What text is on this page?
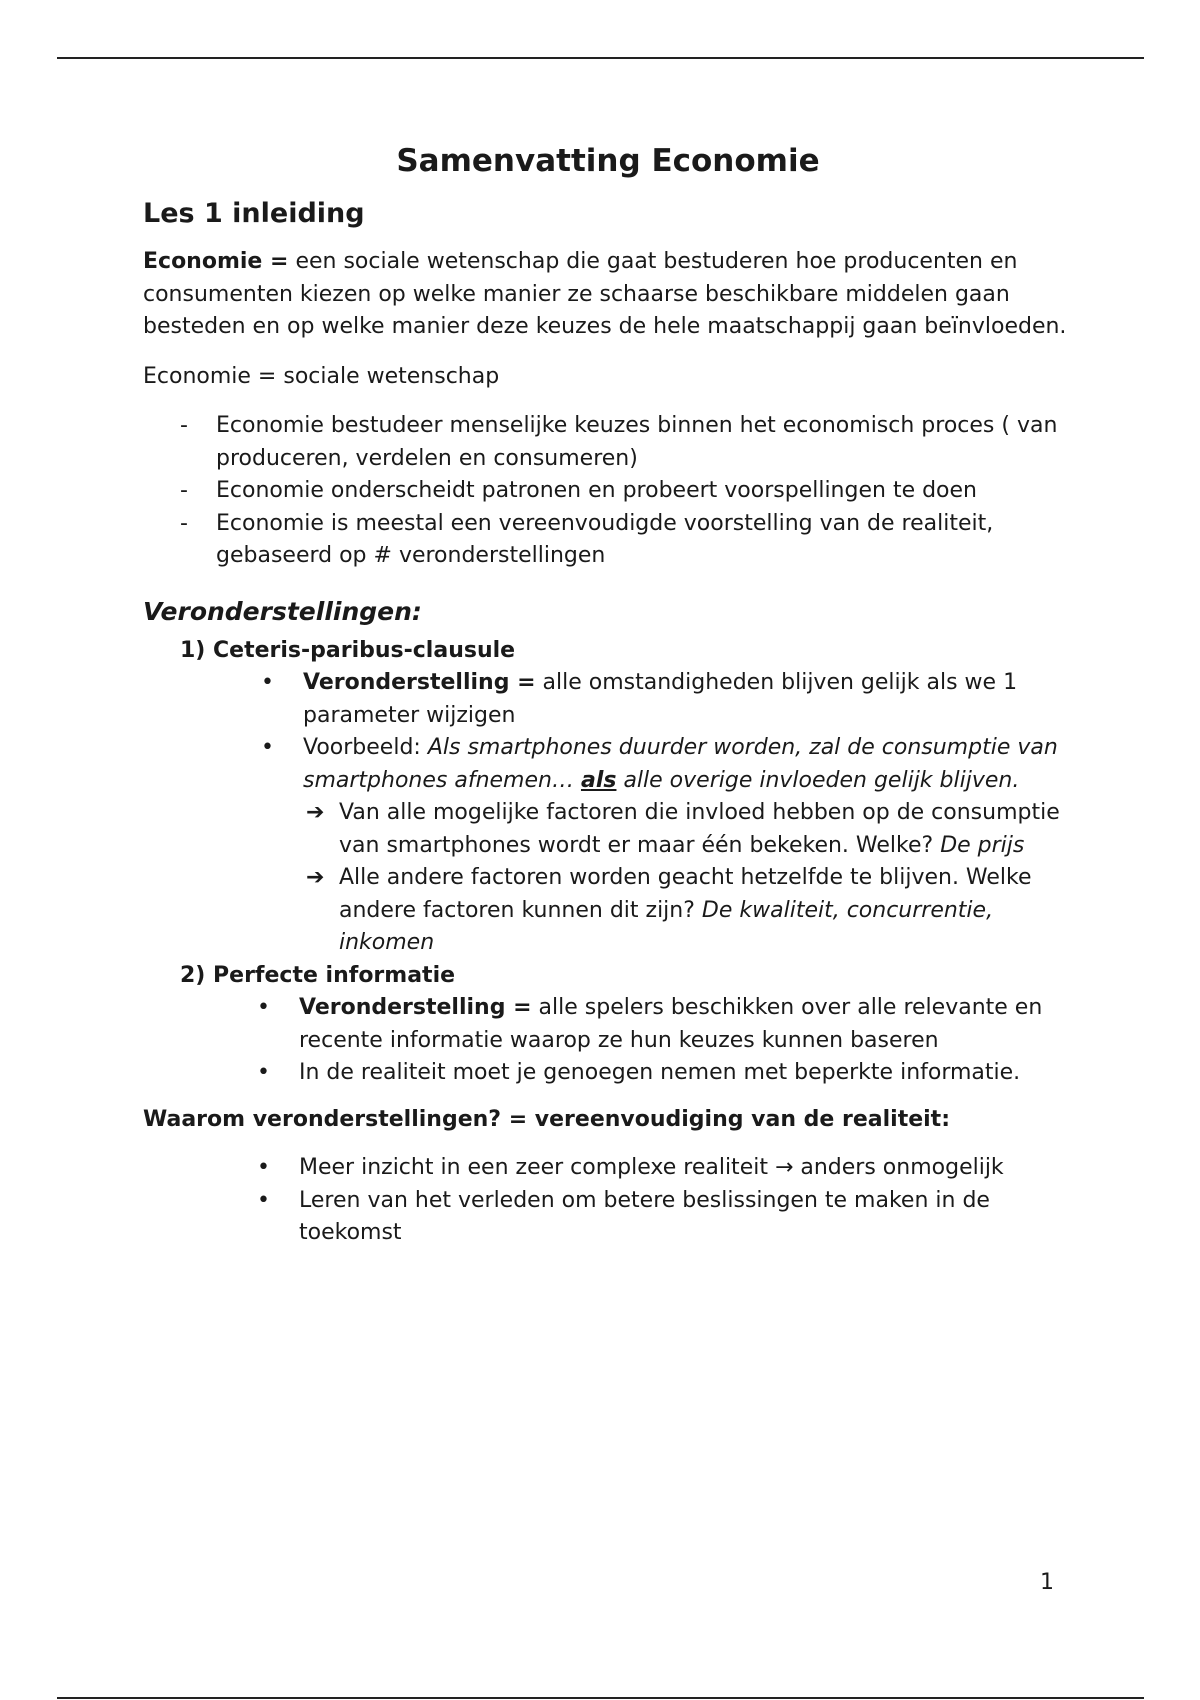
Samenvatting Economie
Les 1 inleiding

Economie = een sociale wetenschap die gaat bestuderen hoe producenten en consumenten kiezen op welke manier ze schaarse beschikbare middelen gaan besteden en op welke manier deze keuzes de hele maatschappij gaan beïnvloeden.

Economie = sociale wetenschap

- Economie bestudeer menselijke keuzes binnen het economisch proces ( van produceren, verdelen en consumeren)
- Economie onderscheidt patronen en probeert voorspellingen te doen
- Economie is meestal een vereenvoudigde voorstelling van de realiteit, gebaseerd op # veronderstellingen
Veronderstellingen:
1) Ceteris-paribus-clausule
• Veronderstelling = alle omstandigheden blijven gelijk als we 1 parameter wijzigen
• Voorbeeld: Als smartphones duurder worden, zal de consumptie van smartphones afnemen… als alle overige invloeden gelijk blijven.
➔ Van alle mogelijke factoren die invloed hebben op de consumptie van smartphones wordt er maar één bekeken. Welke? De prijs
➔ Alle andere factoren worden geacht hetzelfde te blijven. Welke andere factoren kunnen dit zijn? De kwaliteit, concurrentie, inkomen
2) Perfecte informatie
• Veronderstelling = alle spelers beschikken over alle relevante en recente informatie waarop ze hun keuzes kunnen baseren
• In de realiteit moet je genoegen nemen met beperkte informatie.
Waarom veronderstellingen? = vereenvoudiging van de realiteit:
• Meer inzicht in een zeer complexe realiteit → anders onmogelijk
• Leren van het verleden om betere beslissingen te maken in de toekomst
1
